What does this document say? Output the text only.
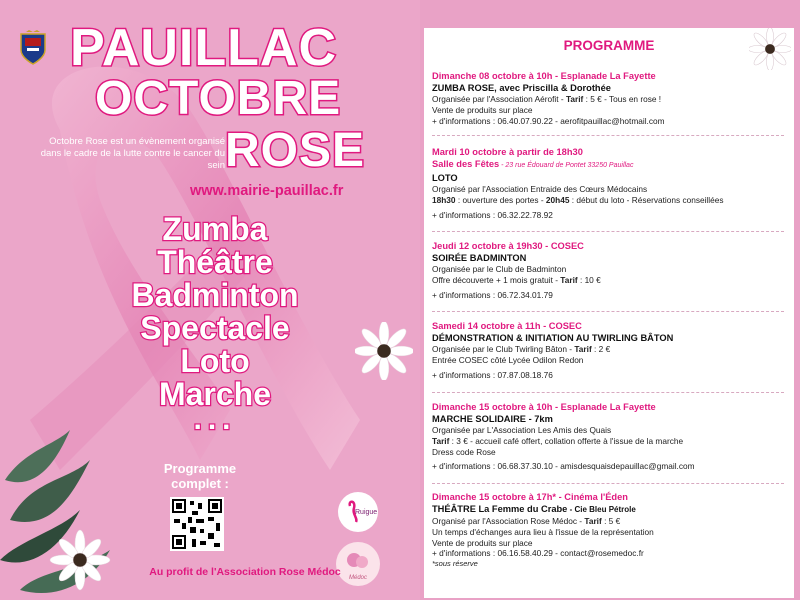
PAUILLAC
OCTOBRE
ROSE
Octobre Rose est un évènement organisé dans le cadre de la lutte contre le cancer du sein
www.mairie-pauillac.fr
Zumba
Théâtre
Badminton
Spectacle
Loto
Marche
...
Programme
complet :
Ruigue
Médoc
Au profit de l'Association Rose Médoc
PROGRAMME
Dimanche 08 octobre à 10h - Esplanade La Fayette
ZUMBA ROSE, avec Priscilla & Dorothée
Organisée par l'Association Aérofit - Tarif : 5 € - Tous en rose !
Vente de produits sur place
+ d'informations : 06.40.07.90.22 - aerofitpauillac@hotmail.com
Mardi 10 octobre à partir de 18h30
Salle des Fêtes - 23 rue Édouard de Pontet 33250 Pauillac
LOTO
Organisé par l'Association Entraide des Cœurs Médocains
18h30 : ouverture des portes - 20h45 : début du loto - Réservations conseillées
+ d'informations : 06.32.22.78.92
Jeudi 12 octobre à 19h30 - COSEC
SOIRÉE BADMINTON
Organisée par le Club de Badminton
Offre découverte + 1 mois gratuit - Tarif : 10 €
+ d'informations : 06.72.34.01.79
Samedi 14 octobre à 11h - COSEC
DÉMONSTRATION & INITIATION AU TWIRLING BÂTON
Organisée par le Club Twirling Bâton - Tarif : 2 €
Entrée COSEC côté Lycée Odilon Redon
+ d'informations : 07.87.08.18.76
Dimanche 15 octobre à 10h - Esplanade La Fayette
MARCHE SOLIDAIRE - 7km
Organisée par L'Association Les Amis des Quais
Tarif : 3 € - accueil café offert, collation offerte à l'issue de la marche
Dress code Rose
+ d'informations : 06.68.37.30.10 - amisdesquaisdepauillac@gmail.com
Dimanche 15 octobre à 17h* - Cinéma l'Éden
THÉÂTRE La Femme du Crabe - Cie Bleu Pétrole
Organisé par l'Association Rose Médoc - Tarif : 5 €
Un temps d'échanges aura lieu à l'issue de la représentation
Vente de produits sur place
+ d'informations : 06.16.58.40.29 - contact@rosemedoc.fr
*sous réserve
